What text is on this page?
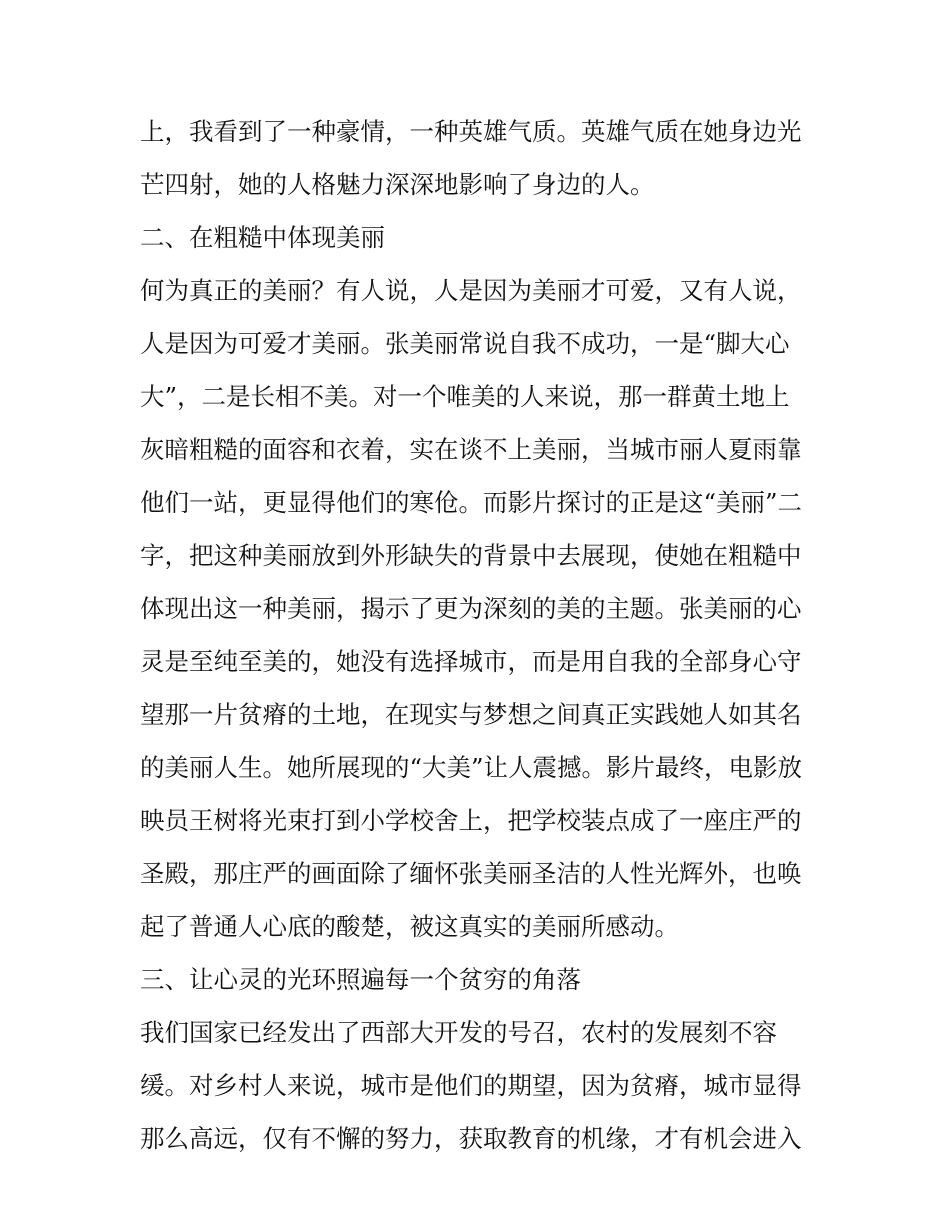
上，我看到了一种豪情，一种英雄气质。英雄气质在她身边光
芒四射，她的人格魅力深深地影响了身边的人。
二、在粗糙中体现美丽
何为真正的美丽？有人说，人是因为美丽才可爱，又有人说，
人是因为可爱才美丽。张美丽常说自我不成功，一是“脚大心
大”，二是长相不美。对一个唯美的人来说，那一群黄土地上
灰暗粗糙的面容和衣着，实在谈不上美丽，当城市丽人夏雨靠
他们一站，更显得他们的寒伧。而影片探讨的正是这“美丽”二
字，把这种美丽放到外形缺失的背景中去展现，使她在粗糙中
体现出这一种美丽，揭示了更为深刻的美的主题。张美丽的心
灵是至纯至美的，她没有选择城市，而是用自我的全部身心守
望那一片贫瘠的土地，在现实与梦想之间真正实践她人如其名
的美丽人生。她所展现的“大美”让人震撼。影片最终，电影放
映员王树将光束打到小学校舍上，把学校装点成了一座庄严的
圣殿，那庄严的画面除了缅怀张美丽圣洁的人性光辉外，也唤
起了普通人心底的酸楚，被这真实的美丽所感动。
三、让心灵的光环照遍每一个贫穷的角落
我们国家已经发出了西部大开发的号召，农村的发展刻不容
缓。对乡村人来说，城市是他们的期望，因为贫瘠，城市显得
那么高远，仅有不懈的努力，获取教育的机缘，才有机会进入
